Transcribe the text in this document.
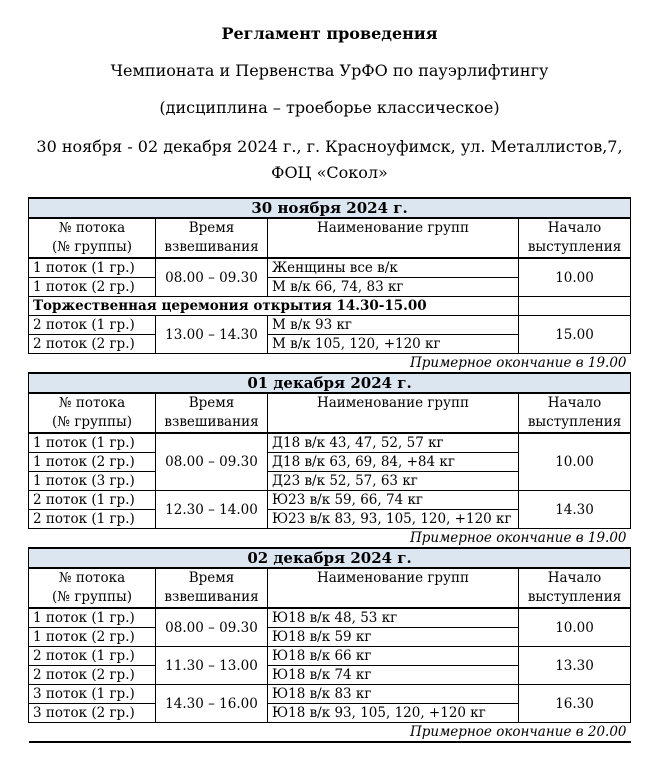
Регламент проведения
Чемпионата и Первенства УрФО по пауэрлифтингу
(дисциплина – троеборье классическое)
30 ноября - 02 декабря 2024 г., г. Красноуфимск, ул. Металлистов,7,
ФОЦ «Сокол»
30 ноября 2024 г.			
№ потока
(№ группы)	Время
взвешивания	Наименование групп	Начало
выступления
1 поток (1 гр.)	08.00 – 09.30	Женщины все в/к	10.00
1 поток (2 гр.)		М в/к 66, 74, 83 кг	
Торжественная церемония открытия 14.30-15.00			
2 поток (1 гр.)	13.00 – 14.30	М в/к 93 кг	15.00
2 поток (2 гр.)		М в/к 105, 120, +120 кг	
Примерное окончание в 19.00			
01 декабря 2024 г.			
№ потока
(№ группы)	Время
взвешивания	Наименование групп	Начало
выступления
1 поток (1 гр.)	08.00 – 09.30	Д18 в/к 43, 47, 52, 57 кг	10.00
1 поток (2 гр.)		Д18 в/к 63, 69, 84, +84 кг	
1 поток (3 гр.)		Д23 в/к 52, 57, 63 кг	
2 поток (1 гр.)	12.30 – 14.00	Ю23 в/к 59, 66, 74 кг	14.30
2 поток (1 гр.)		Ю23 в/к 83, 93, 105, 120, +120 кг	
Примерное окончание в 19.00			
02 декабря 2024 г.			
№ потока
(№ группы)	Время
взвешивания	Наименование групп	Начало
выступления
1 поток (1 гр.)	08.00 – 09.30	Ю18 в/к 48, 53 кг	10.00
1 поток (2 гр.)		Ю18 в/к 59 кг	
2 поток (1 гр.)	11.30 – 13.00	Ю18 в/к 66 кг	13.30
2 поток (2 гр.)		Ю18 в/к 74 кг	
3 поток (1 гр.)	14.30 – 16.00	Ю18 в/к 83 кг	16.30
3 поток (2 гр.)		Ю18 в/к 93, 105, 120, +120 кг	
Примерное окончание в 20.00			
